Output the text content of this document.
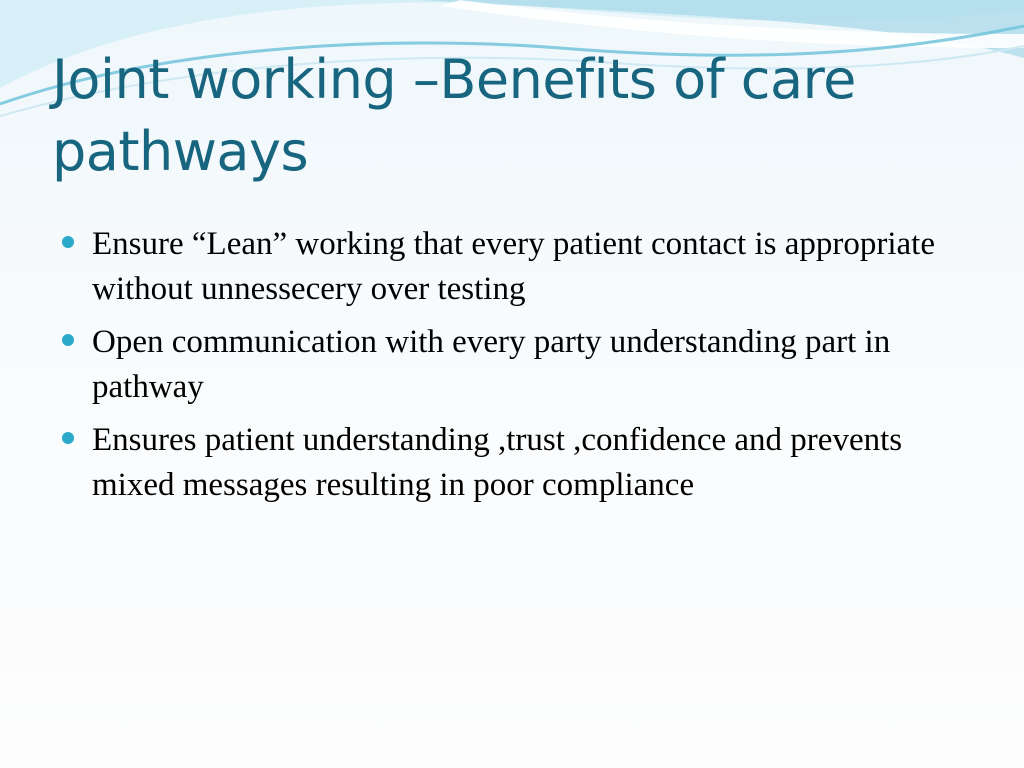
Joint working –Benefits of care pathways
Ensure “Lean” working that every patient contact is appropriate without unnessecery over testing
Open communication with every party understanding part in pathway
Ensures patient understanding ,trust ,confidence and prevents mixed messages resulting in poor compliance
